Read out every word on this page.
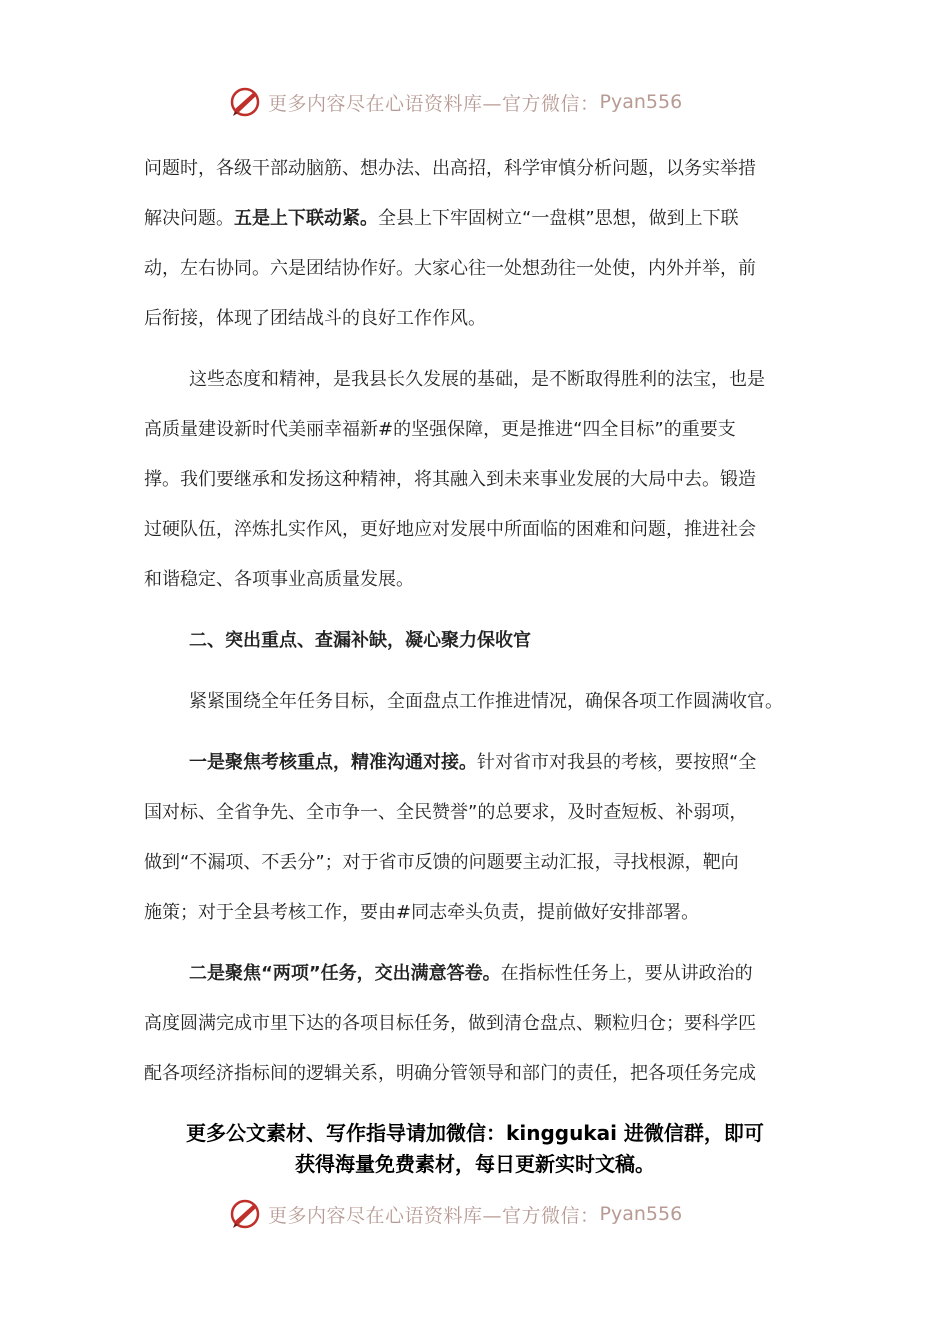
更多内容尽在心语资料库—官方微信： Pyan556
问题时，各级干部动脑筋、想办法、出高招，科学审慎分析问题，以务实举措
解决问题。五是上下联动紧。全县上下牢固树立“一盘棋”思想，做到上下联
动，左右协同。六是团结协作好。大家心往一处想劲往一处使，内外并举，前
后衔接，体现了团结战斗的良好工作作风。
这些态度和精神，是我县长久发展的基础，是不断取得胜利的法宝，也是
高质量建设新时代美丽幸福新#的坚强保障，更是推进“四全目标”的重要支
撑。我们要继承和发扬这种精神，将其融入到未来事业发展的大局中去。锻造
过硬队伍，淬炼扎实作风，更好地应对发展中所面临的困难和问题，推进社会
和谐稳定、各项事业高质量发展。
二、突出重点、查漏补缺，凝心聚力保收官
紧紧围绕全年任务目标，全面盘点工作推进情况，确保各项工作圆满收官。
一是聚焦考核重点，精准沟通对接。针对省市对我县的考核，要按照“全
国对标、全省争先、全市争一、全民赞誉”的总要求，及时查短板、补弱项，
做到“不漏项、不丢分”；对于省市反馈的问题要主动汇报，寻找根源，靶向
施策；对于全县考核工作，要由#同志牵头负责，提前做好安排部署。
二是聚焦“两项”任务，交出满意答卷。在指标性任务上，要从讲政治的
高度圆满完成市里下达的各项目标任务，做到清仓盘点、颗粒归仓；要科学匹
配各项经济指标间的逻辑关系，明确分管领导和部门的责任，把各项任务完成
更多公文素材、写作指导请加微信：kinggukai 进微信群，即可
获得海量免费素材，每日更新实时文稿。
更多内容尽在心语资料库—官方微信： Pyan556
